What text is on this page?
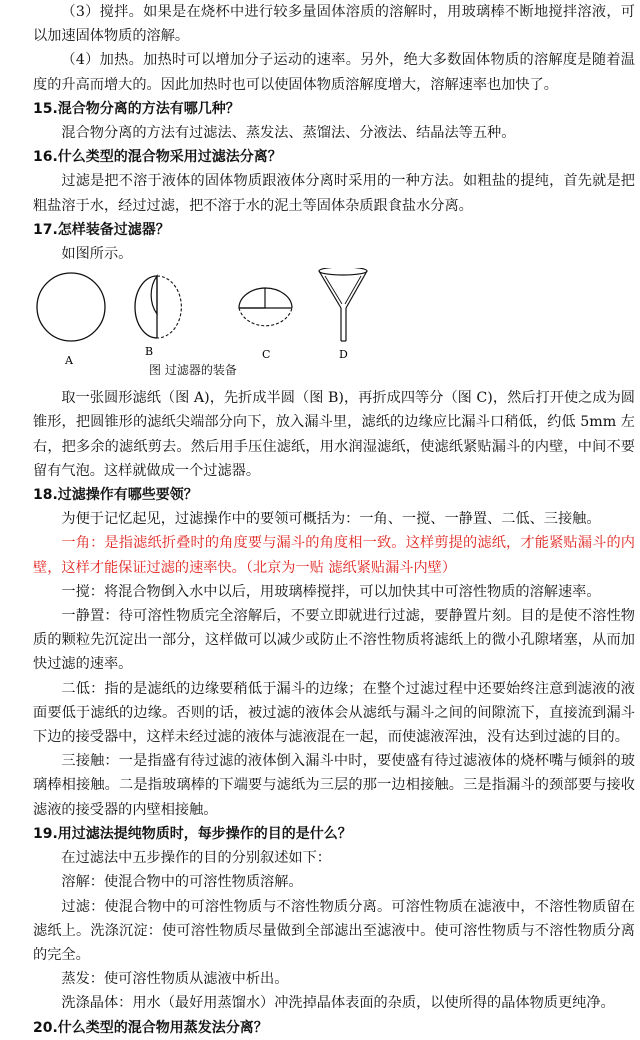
（3）搅拌。如果是在烧杯中进行较多量固体溶质的溶解时，用玻璃棒不断地搅拌溶液，可以加速固体物质的溶解。

（4）加热。加热时可以增加分子运动的速率。另外，绝大多数固体物质的溶解度是随着温度的升高而增大的。因此加热时也可以使固体物质溶解度增大，溶解速率也加快了。

15.混合物分离的方法有哪几种？

混合物分离的方法有过滤法、蒸发法、蒸馏法、分液法、结晶法等五种。

16.什么类型的混合物采用过滤法分离？

过滤是把不溶于液体的固体物质跟液体分离时采用的一种方法。如粗盐的提纯，首先就是把粗盐溶于水，经过过滤，把不溶于水的泥土等固体杂质跟食盐水分离。

17.怎样装备过滤器？

如图所示。

A
B	C	D
图 过滤器的装备

取一张圆形滤纸（图 A)，先折成半圆（图 B)，再折成四等分（图 C)，然后打开使之成为圆锥形，把圆锥形的滤纸尖端部分向下，放入漏斗里，滤纸的边缘应比漏斗口稍低，约低 5mm 左右，把多余的滤纸剪去。然后用手压住滤纸，用水润湿滤纸，使滤纸紧贴漏斗的内壁，中间不要留有气泡。这样就做成一个过滤器。

18.过滤操作有哪些要领？

为便于记忆起见，过滤操作中的要领可概括为：一角、一搅、一静置、二低、三接触。

一角：是指滤纸折叠时的角度要与漏斗的角度相一致。这样剪提的滤纸，才能紧贴漏斗的内壁，这样才能保证过滤的速率快。（北京为一贴 滤纸紧贴漏斗内壁）

一搅：将混合物倒入水中以后，用玻璃棒搅拌，可以加快其中可溶性物质的溶解速率。

一静置：待可溶性物质完全溶解后，不要立即就进行过滤，要静置片刻。目的是使不溶性物质的颗粒先沉淀出一部分，这样做可以减少或防止不溶性物质将滤纸上的微小孔隙堵塞，从而加快过滤的速率。

二低：指的是滤纸的边缘要稍低于漏斗的边缘；在整个过滤过程中还要始终注意到滤液的液面要低于滤纸的边缘。否则的话，被过滤的液体会从滤纸与漏斗之间的间隙流下，直接流到漏斗下边的接受器中，这样未经过滤的液体与滤液混在一起，而使滤液浑浊，没有达到过滤的目的。

三接触：一是指盛有待过滤的液体倒入漏斗中时，要使盛有待过滤液体的烧杯嘴与倾斜的玻璃棒相接触。二是指玻璃棒的下端要与滤纸为三层的那一边相接触。三是指漏斗的颈部要与接收滤液的接受器的内壁相接触。

19.用过滤法提纯物质时，每步操作的目的是什么？

在过滤法中五步操作的目的分别叙述如下：

溶解：使混合物中的可溶性物质溶解。

过滤：使混合物中的可溶性物质与不溶性物质分离。可溶性物质在滤液中，不溶性物质留在滤纸上。洗涤沉淀：使可溶性物质尽量做到全部滤出至滤液中。使可溶性物质与不溶性物质分离的完全。

蒸发：使可溶性物质从滤液中析出。

洗涤晶体：用水（最好用蒸馏水）冲洗掉晶体表面的杂质，以使所得的晶体物质更纯净。

20.什么类型的混合物用蒸发法分离？
